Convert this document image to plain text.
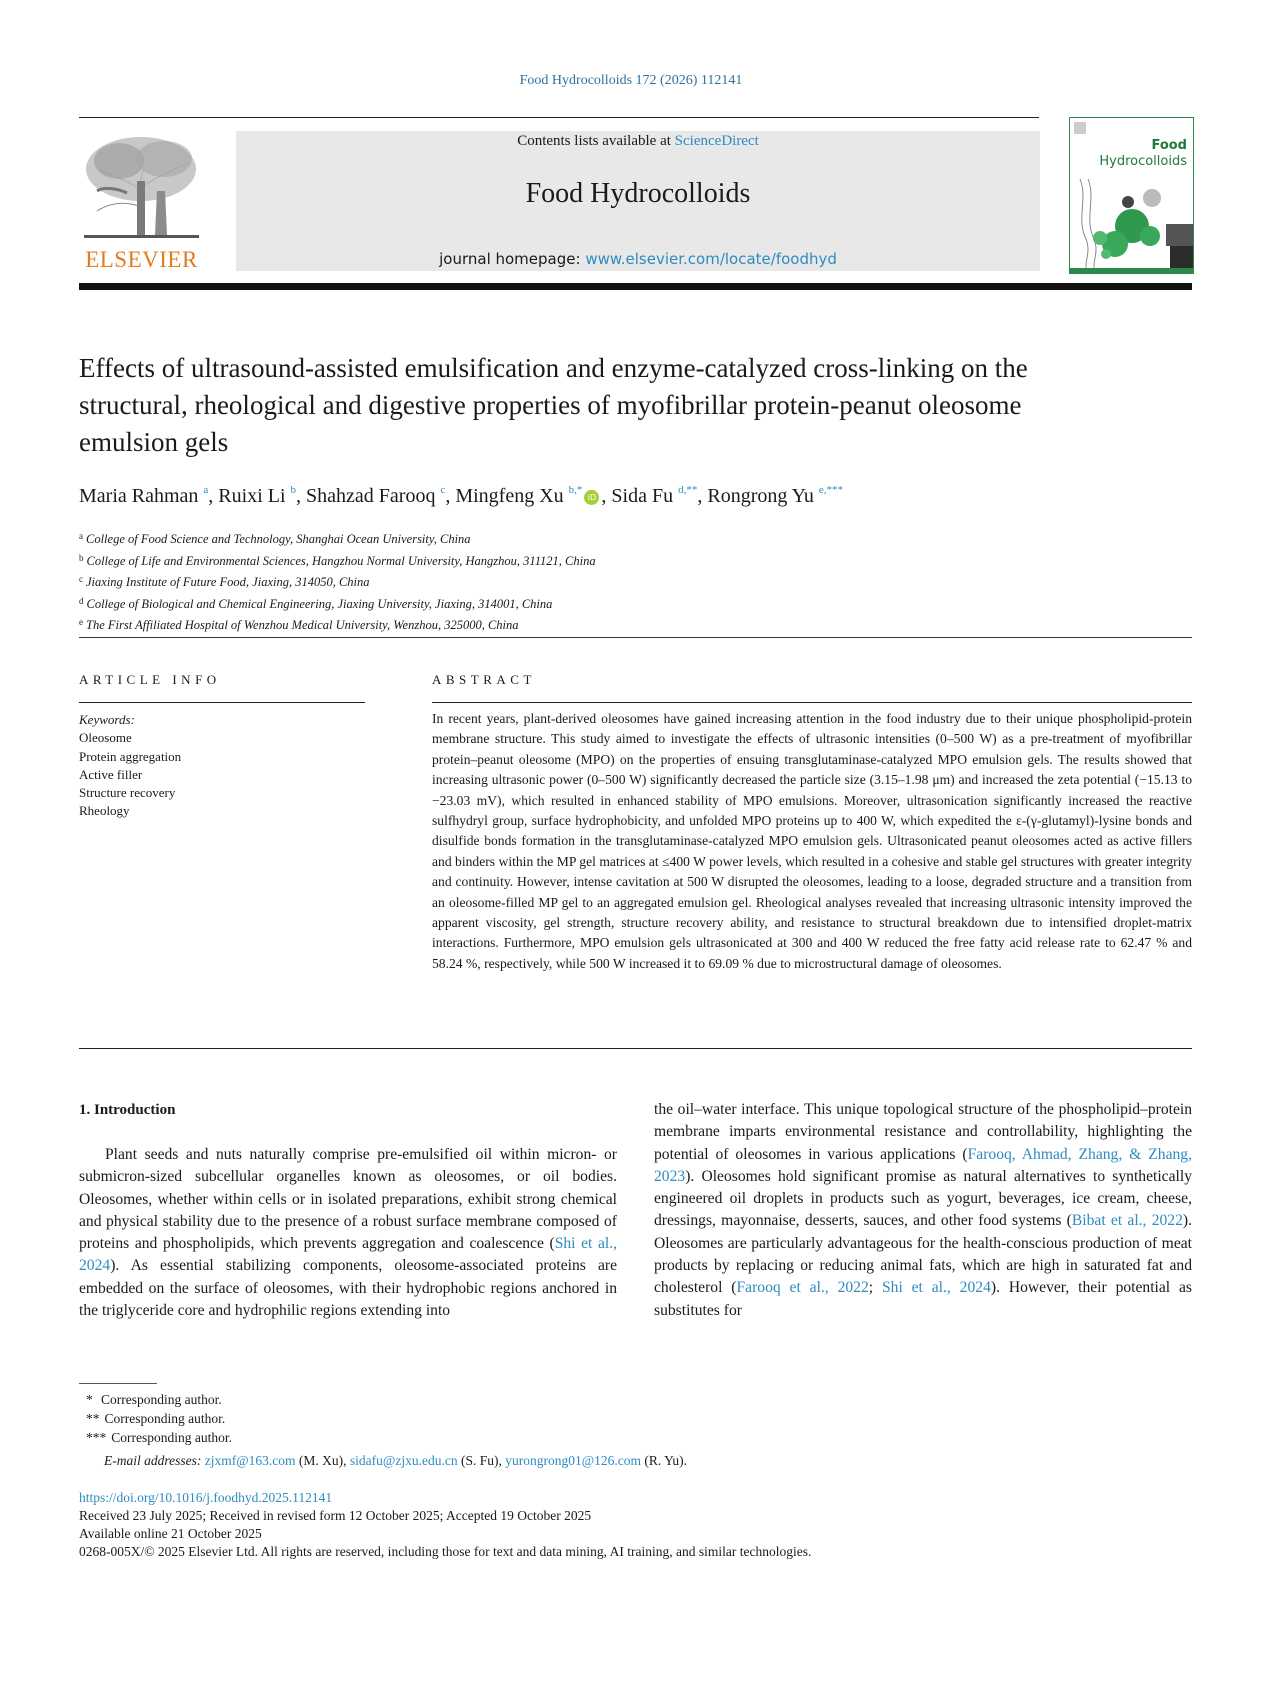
Food Hydrocolloids 172 (2026) 112141
ELSEVIER
Contents lists available at ScienceDirect
Food Hydrocolloids
journal homepage: www.elsevier.com/locate/foodhyd
Food
Hydrocolloids
Effects of ultrasound-assisted emulsification and enzyme-catalyzed cross-linking on the structural, rheological and digestive properties of myofibrillar protein-peanut oleosome emulsion gels
Maria Rahman $^a$, Ruixi Li $^b$, Shahzad Farooq $^c$, Mingfeng Xu $^{b,*}$iD , Sida Fu $^{d,**}$, Rongrong Yu $^{e,***}$
$^a$ College of Food Science and Technology, Shanghai Ocean University, China
$^b$ College of Life and Environmental Sciences, Hangzhou Normal University, Hangzhou, 311121, China
$^c$ Jiaxing Institute of Future Food, Jiaxing, 314050, China
$^d$ College of Biological and Chemical Engineering, Jiaxing University, Jiaxing, 314001, China
$^e$ The First Affiliated Hospital of Wenzhou Medical University, Wenzhou, 325000, China
ARTICLE INFO
Keywords:
Oleosome
Protein aggregation
Active filler
Structure recovery
Rheology
ABSTRACT
In recent years, plant-derived oleosomes have gained increasing attention in the food industry due to their unique phospholipid-protein membrane structure. This study aimed to investigate the effects of ultrasonic intensities (0–500 W) as a pre-treatment of myofibrillar protein–peanut oleosome (MPO) on the properties of ensuing transglutaminase-catalyzed MPO emulsion gels. The results showed that increasing ultrasonic power (0–500 W) significantly decreased the particle size (3.15–1.98 μm) and increased the zeta potential (−15.13 to −23.03 mV), which resulted in enhanced stability of MPO emulsions. Moreover, ultrasonication significantly increased the reactive sulfhydryl group, surface hydrophobicity, and unfolded MPO proteins up to 400 W, which expedited the ε-(γ-glutamyl)-lysine bonds and disulfide bonds formation in the transglutaminase-catalyzed MPO emulsion gels. Ultrasonicated peanut oleosomes acted as active fillers and binders within the MP gel matrices at ≤400 W power levels, which resulted in a cohesive and stable gel structures with greater integrity and continuity. However, intense cavitation at 500 W disrupted the oleosomes, leading to a loose, degraded structure and a transition from an oleosome-filled MP gel to an aggregated emulsion gel. Rheological analyses revealed that increasing ultrasonic intensity improved the apparent viscosity, gel strength, structure recovery ability, and resistance to structural breakdown due to intensified droplet-matrix interactions. Furthermore, MPO emulsion gels ultrasonicated at 300 and 400 W reduced the free fatty acid release rate to 62.47 % and 58.24 %, respectively, while 500 W increased it to 69.09 % due to microstructural damage of oleosomes.
1. Introduction
Plant seeds and nuts naturally comprise pre-emulsified oil within micron- or submicron-sized subcellular organelles known as oleosomes, or oil bodies. Oleosomes, whether within cells or in isolated preparations, exhibit strong chemical and physical stability due to the presence of a robust surface membrane composed of proteins and phospholipids, which prevents aggregation and coalescence (Shi et al., 2024). As essential stabilizing components, oleosome-associated proteins are embedded on the surface of oleosomes, with their hydrophobic regions anchored in the triglyceride core and hydrophilic regions extending into
the oil–water interface. This unique topological structure of the phospholipid–protein membrane imparts environmental resistance and controllability, highlighting the potential of oleosomes in various applications (Farooq, Ahmad, Zhang, & Zhang, 2023). Oleosomes hold significant promise as natural alternatives to synthetically engineered oil droplets in products such as yogurt, beverages, ice cream, cheese, dressings, mayonnaise, desserts, sauces, and other food systems (Bibat et al., 2022). Oleosomes are particularly advantageous for the health-conscious production of meat products by replacing or reducing animal fats, which are high in saturated fat and cholesterol (Farooq et al., 2022; Shi et al., 2024). However, their potential as substitutes for
* Corresponding author.
** Corresponding author.
*** Corresponding author.
E-mail addresses: zjxmf@163.com (M. Xu), sidafu@zjxu.edu.cn (S. Fu), yurongrong01@126.com (R. Yu).
https://doi.org/10.1016/j.foodhyd.2025.112141
Received 23 July 2025; Received in revised form 12 October 2025; Accepted 19 October 2025
Available online 21 October 2025
0268-005X/© 2025 Elsevier Ltd. All rights are reserved, including those for text and data mining, AI training, and similar technologies.
